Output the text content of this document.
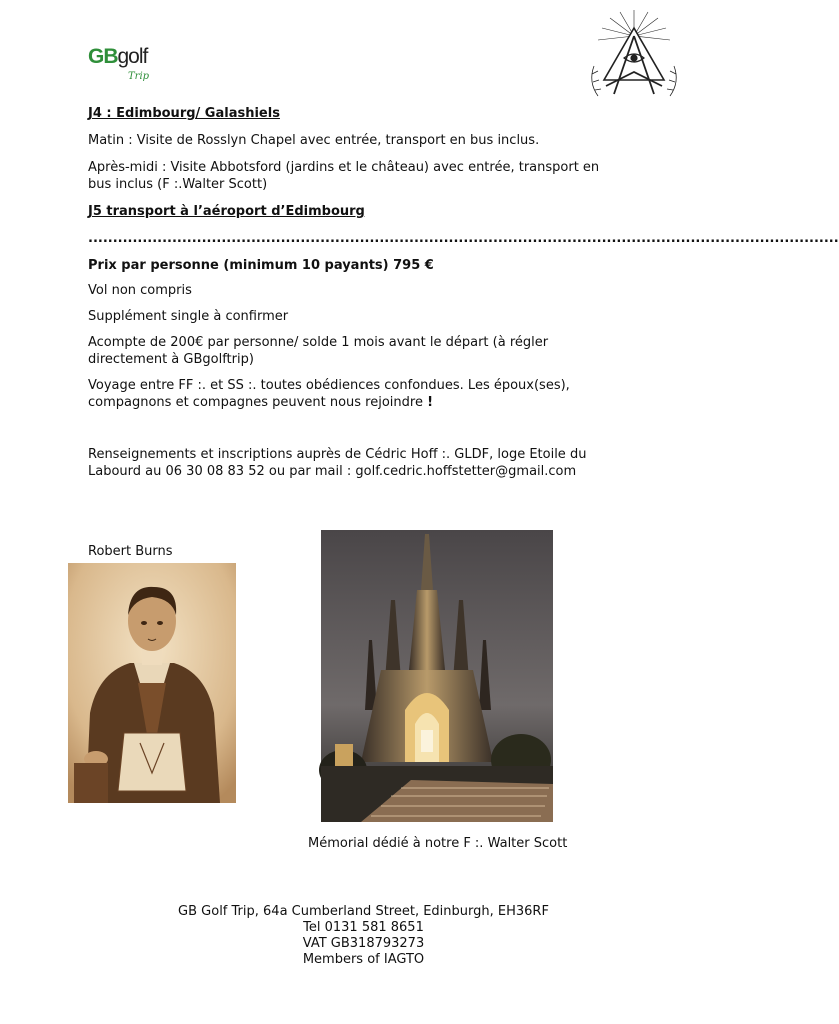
GBgolf
Trip
J4 : Edimbourg/ Galashiels
Matin : Visite de Rosslyn Chapel avec entrée, transport en bus inclus.
Après-midi : Visite Abbotsford (jardins et le château) avec entrée, transport en
bus inclus (F :.Walter Scott)
J5 transport à l’aéroport d’Edimbourg
........................................................................................................................................................
Prix par personne (minimum 10 payants) 795 €
Vol non compris
Supplément single à confirmer
Acompte de 200€ par personne/ solde 1 mois avant le départ (à régler
directement à GBgolftrip)
Voyage entre FF :. et SS :. toutes obédiences confondues. Les époux(ses),
compagnons et compagnes peuvent nous rejoindre !
Renseignements et inscriptions auprès de Cédric Hoff :. GLDF, loge Etoile du
Labourd au 06 30 08 83 52 ou par mail : golf.cedric.hoffstetter@gmail.com
Robert Burns
Mémorial dédié à notre F :. Walter Scott
GB Golf Trip, 64a Cumberland Street, Edinburgh, EH36RF
Tel 0131 581 8651
VAT GB318793273
Members of IAGTO
